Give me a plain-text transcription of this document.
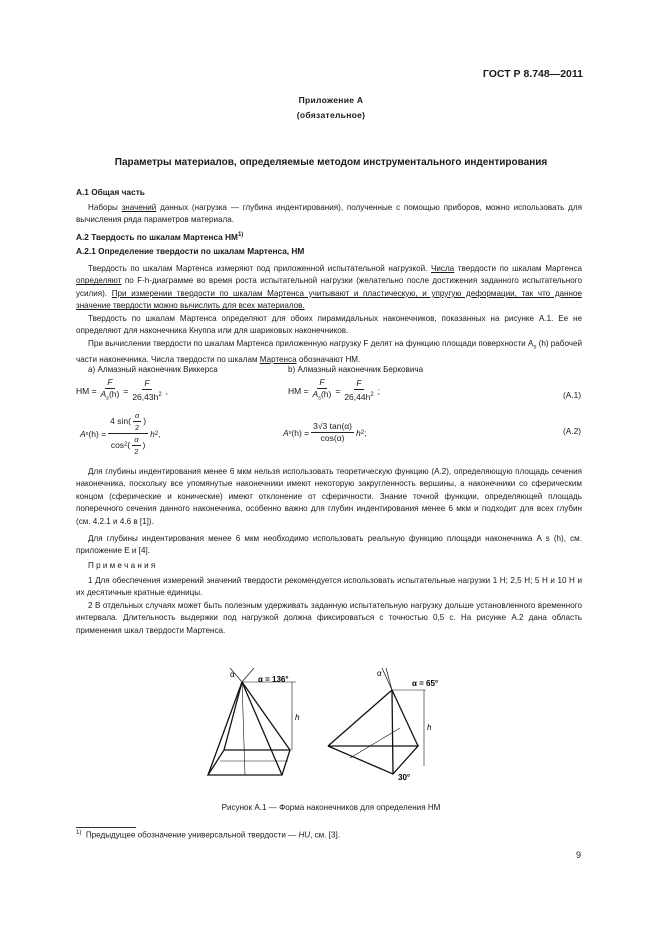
ГОСТ Р 8.748—2011
Приложение А
(обязательное)
Параметры материалов, определяемые методом инструментального индентирования
А.1 Общая часть
Наборы значений данных (нагрузка — глубина индентирования), полученные с помощью приборов, можно использовать для вычисления ряда параметров материала.
А.2 Твердость по шкалам Мартенса НМ$^{1)}$
А.2.1 Определение твердости по шкалам Мартенса, НМ
Твердость по шкалам Мартенса измеряют под приложенной испытательной нагрузкой. Числа твердости по шкалам Мартенса определяют по F-h-диаграмме во время роста испытательной нагрузки (желательно после достижения заданного испытательного усилия). При измерении твердости по шкалам Мартенса учитывают и пластическую, и упругую деформации, так что данное значение твердости можно вычислить для всех материалов.
Твердость по шкалам Мартенса определяют для обоих пирамидальных наконечников, показанных на рисунке А.1. Ее не определяют для наконечника Кнуппа или для шариковых наконечников.
При вычислении твердости по шкалам Мартенса приложенную нагрузку F делят на функцию площади поверхности $A_s$ (h) рабочей части наконечника. Числа твердости по шкалам Мартенса обозначают НМ.
а) Алмазный наконечник Виккерса	b) Алмазный наконечник Берковича
HM = $\frac{F}{A_s(h)} = \frac{F}{26,43h^2}$ ,	HM = $\frac{F}{A_s(h)} = \frac{F}{26,44h^2}$ ;	(A.1)
A s $(h) = \frac{4 \sin ( \frac{\alpha}{2} )}{\cos 2 ( \frac{\alpha}{2} )}$ h 2 ,	A s $(h) = \frac{3√3 \tan(\alpha)}{\cos(\alpha)}$ h 2 ;	(A.2)
Для глубины индентирования менее 6 мкм нельзя использовать теоретическую функцию (А.2), определяющую площадь сечения наконечника, поскольку все упомянутые наконечники имеют некоторую закругленность вершины, а наконечники со сферическим концом (сферические и конические) имеют отклонение от сферичности. Знание точной функции, определяющей площадь поперечного сечения данного наконечника, особенно важно для глубин индентирования менее 6 мкм и подходит для всех глубин (см. 4.2.1 и 4.6 в [1]).
Для глубины индентирования менее 6 мкм необходимо использовать реальную функцию площади наконечника A s (h), см. приложение Е и [4].
П р и м е ч а н и я
1 Для обеспечения измерений значений твердости рекомендуется использовать испытательные нагрузки 1 Н; 2,5 Н; 5 Н и 10 Н и их десятичные кратные единицы.
2 В отдельных случаях может быть полезным удерживать заданную испытательную нагрузку дольше установленного временного интервала. Длительность выдержки под нагрузкой должна фиксироваться с точностью 0,5 с. На рисунке А.2 дана область применения шкал твердости Мартенса.
α
α = 136°
h
α
α = 65°
h
30°
Рисунок А.1 — Форма наконечников для определения НМ
$^{1)}$ Предыдущее обозначение универсальной твердости — HU, см. [3].
9
